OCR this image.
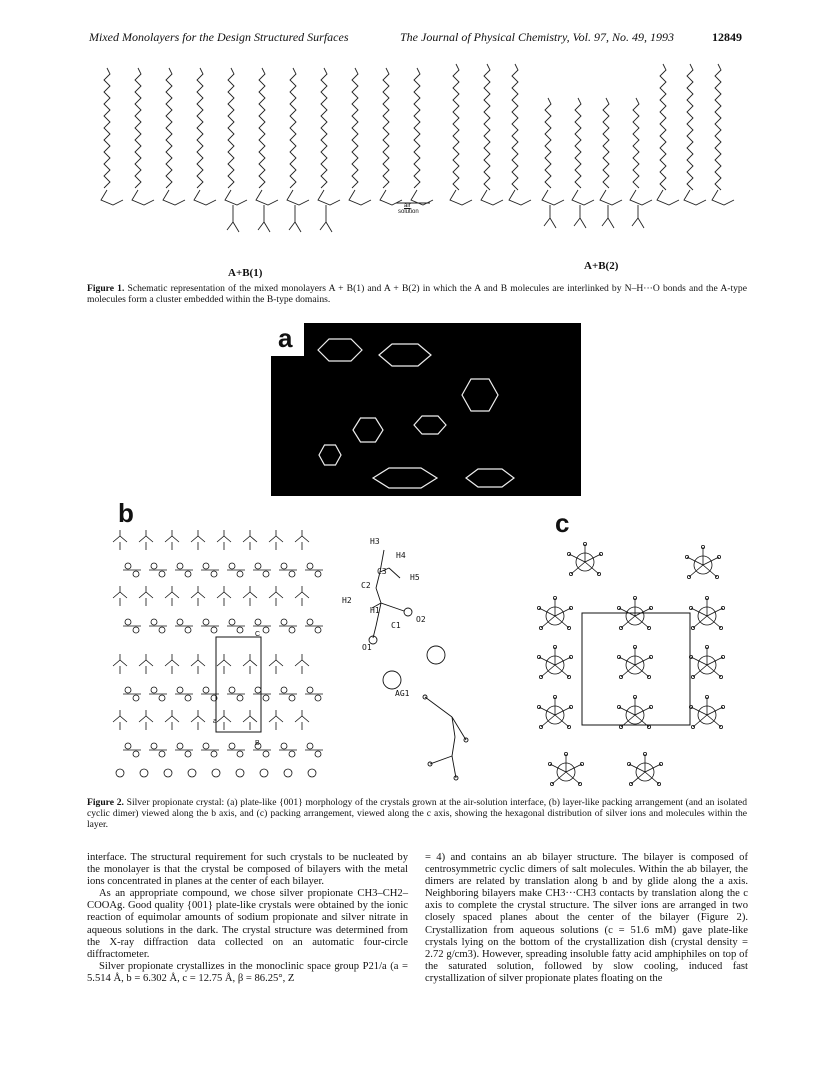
Mixed Monolayers for the Design Structured Surfaces	The Journal of Physical Chemistry, Vol. 97, No. 49, 1993	12849
air
solution
A+B(1)
A+B(2)
Figure 1. Schematic representation of the mixed monolayers A + B(1) and A + B(2) in which the A and B molecules are interlinked by N–H···O bonds and the A-type molecules form a cluster embedded within the B-type domains.
a
b	c
C
a
B
H3
H4
C3
H5
C2
H2
H1
C1
O2
O1
AG1
Figure 2. Silver propionate crystal: (a) plate-like {001} morphology of the crystals grown at the air-solution interface, (b) layer-like packing arrangement (and an isolated cyclic dimer) viewed along the b axis, and (c) packing arrangement, viewed along the c axis, showing the hexagonal distribution of silver ions and molecules within the layer.

interface. The structural requirement for such crystals to be nucleated by the monolayer is that the crystal be composed of bilayers with the metal ions concentrated in planes at the center of each bilayer.

As an appropriate compound, we chose silver propionate CH3–CH2–COOAg. Good quality {001} plate-like crystals were obtained by the ionic reaction of equimolar amounts of sodium propionate and silver nitrate in aqueous solutions in the dark. The crystal structure was determined from the X-ray diffraction data collected on an automatic four-circle diffractometer.

Silver propionate crystallizes in the monoclinic space group P21/a (a = 5.514 Å, b = 6.302 Å, c = 12.75 Å, β = 86.25°, Z

= 4) and contains an ab bilayer structure. The bilayer is composed of centrosymmetric cyclic dimers of salt molecules. Within the ab bilayer, the dimers are related by translation along b and by glide along the a axis. Neighboring bilayers make CH3···CH3 contacts by translation along the c axis to complete the crystal structure. The silver ions are arranged in two closely spaced planes about the center of the bilayer (Figure 2). Crystallization from aqueous solutions (c = 51.6 mM) gave plate-like crystals lying on the bottom of the crystallization dish (crystal density = 2.72 g/cm3). However, spreading insoluble fatty acid amphiphiles on top of the saturated solution, followed by slow cooling, induced fast crystallization of silver propionate plates floating on the
